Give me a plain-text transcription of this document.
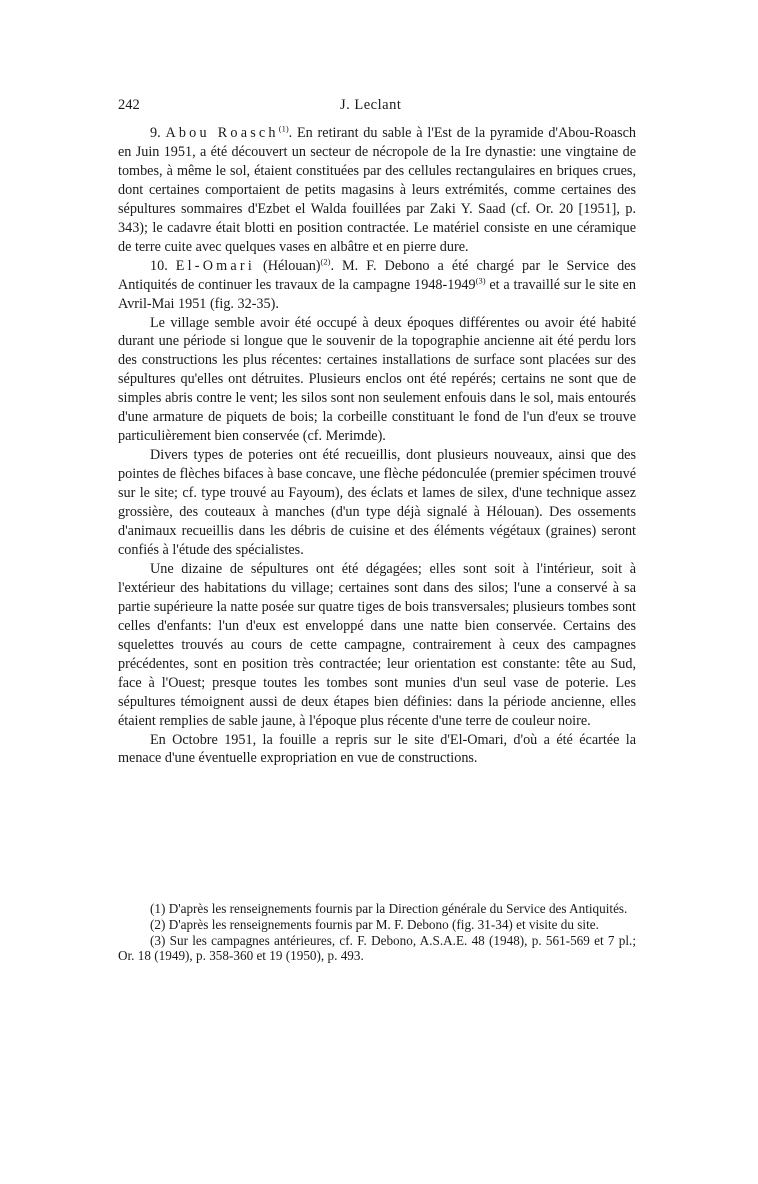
242	J. Leclant

9. Abou Roasch$^{(1)}$. En retirant du sable à l'Est de la pyramide d'Abou-Roasch en Juin 1951, a été découvert un secteur de nécropole de la Ire dynastie: une vingtaine de tombes, à même le sol, étaient constituées par des cellules rectangulaires en briques crues, dont certaines comportaient de petits magasins à leurs extrémités, comme certaines des sépultures sommaires d'Ezbet el Walda fouillées par Zaki Y. Saad (cf. Or. 20 [1951], p. 343); le cadavre était blotti en position contractée. Le matériel consiste en une céramique de terre cuite avec quelques vases en albâtre et en pierre dure.

10. El-Omari (Hélouan)$^{(2)}$. M. F. Debono a été chargé par le Service des Antiquités de continuer les travaux de la campagne 1948-1949$^{(3)}$ et a travaillé sur le site en Avril-Mai 1951 (fig. 32-35).

Le village semble avoir été occupé à deux époques différentes ou avoir été habité durant une période si longue que le souvenir de la topographie ancienne ait été perdu lors des constructions les plus récentes: certaines installations de surface sont placées sur des sépultures qu'elles ont détruites. Plusieurs enclos ont été repérés; certains ne sont que de simples abris contre le vent; les silos sont non seulement enfouis dans le sol, mais entourés d'une armature de piquets de bois; la corbeille constituant le fond de l'un d'eux se trouve particulièrement bien conservée (cf. Merimde).

Divers types de poteries ont été recueillis, dont plusieurs nouveaux, ainsi que des pointes de flèches bifaces à base concave, une flèche pédonculée (premier spécimen trouvé sur le site; cf. type trouvé au Fayoum), des éclats et lames de silex, d'une technique assez grossière, des couteaux à manches (d'un type déjà signalé à Hélouan). Des ossements d'animaux recueillis dans les débris de cuisine et des éléments végétaux (graines) seront confiés à l'étude des spécialistes.

Une dizaine de sépultures ont été dégagées; elles sont soit à l'intérieur, soit à l'extérieur des habitations du village; certaines sont dans des silos; l'une a conservé à sa partie supérieure la natte posée sur quatre tiges de bois transversales; plusieurs tombes sont celles d'enfants: l'un d'eux est enveloppé dans une natte bien conservée. Certains des squelettes trouvés au cours de cette campagne, contrairement à ceux des campagnes précédentes, sont en position très contractée; leur orientation est constante: tête au Sud, face à l'Ouest; presque toutes les tombes sont munies d'un seul vase de poterie. Les sépultures témoignent aussi de deux étapes bien définies: dans la période ancienne, elles étaient remplies de sable jaune, à l'époque plus récente d'une terre de couleur noire.

En Octobre 1951, la fouille a repris sur le site d'El-Omari, d'où a été écartée la menace d'une éventuelle expropriation en vue de constructions.

(1) D'après les renseignements fournis par la Direction générale du Service des Antiquités.

(2) D'après les renseignements fournis par M. F. Debono (fig. 31-34) et visite du site.

(3) Sur les campagnes antérieures, cf. F. Debono, A.S.A.E. 48 (1948), p. 561-569 et 7 pl.; Or. 18 (1949), p. 358-360 et 19 (1950), p. 493.
